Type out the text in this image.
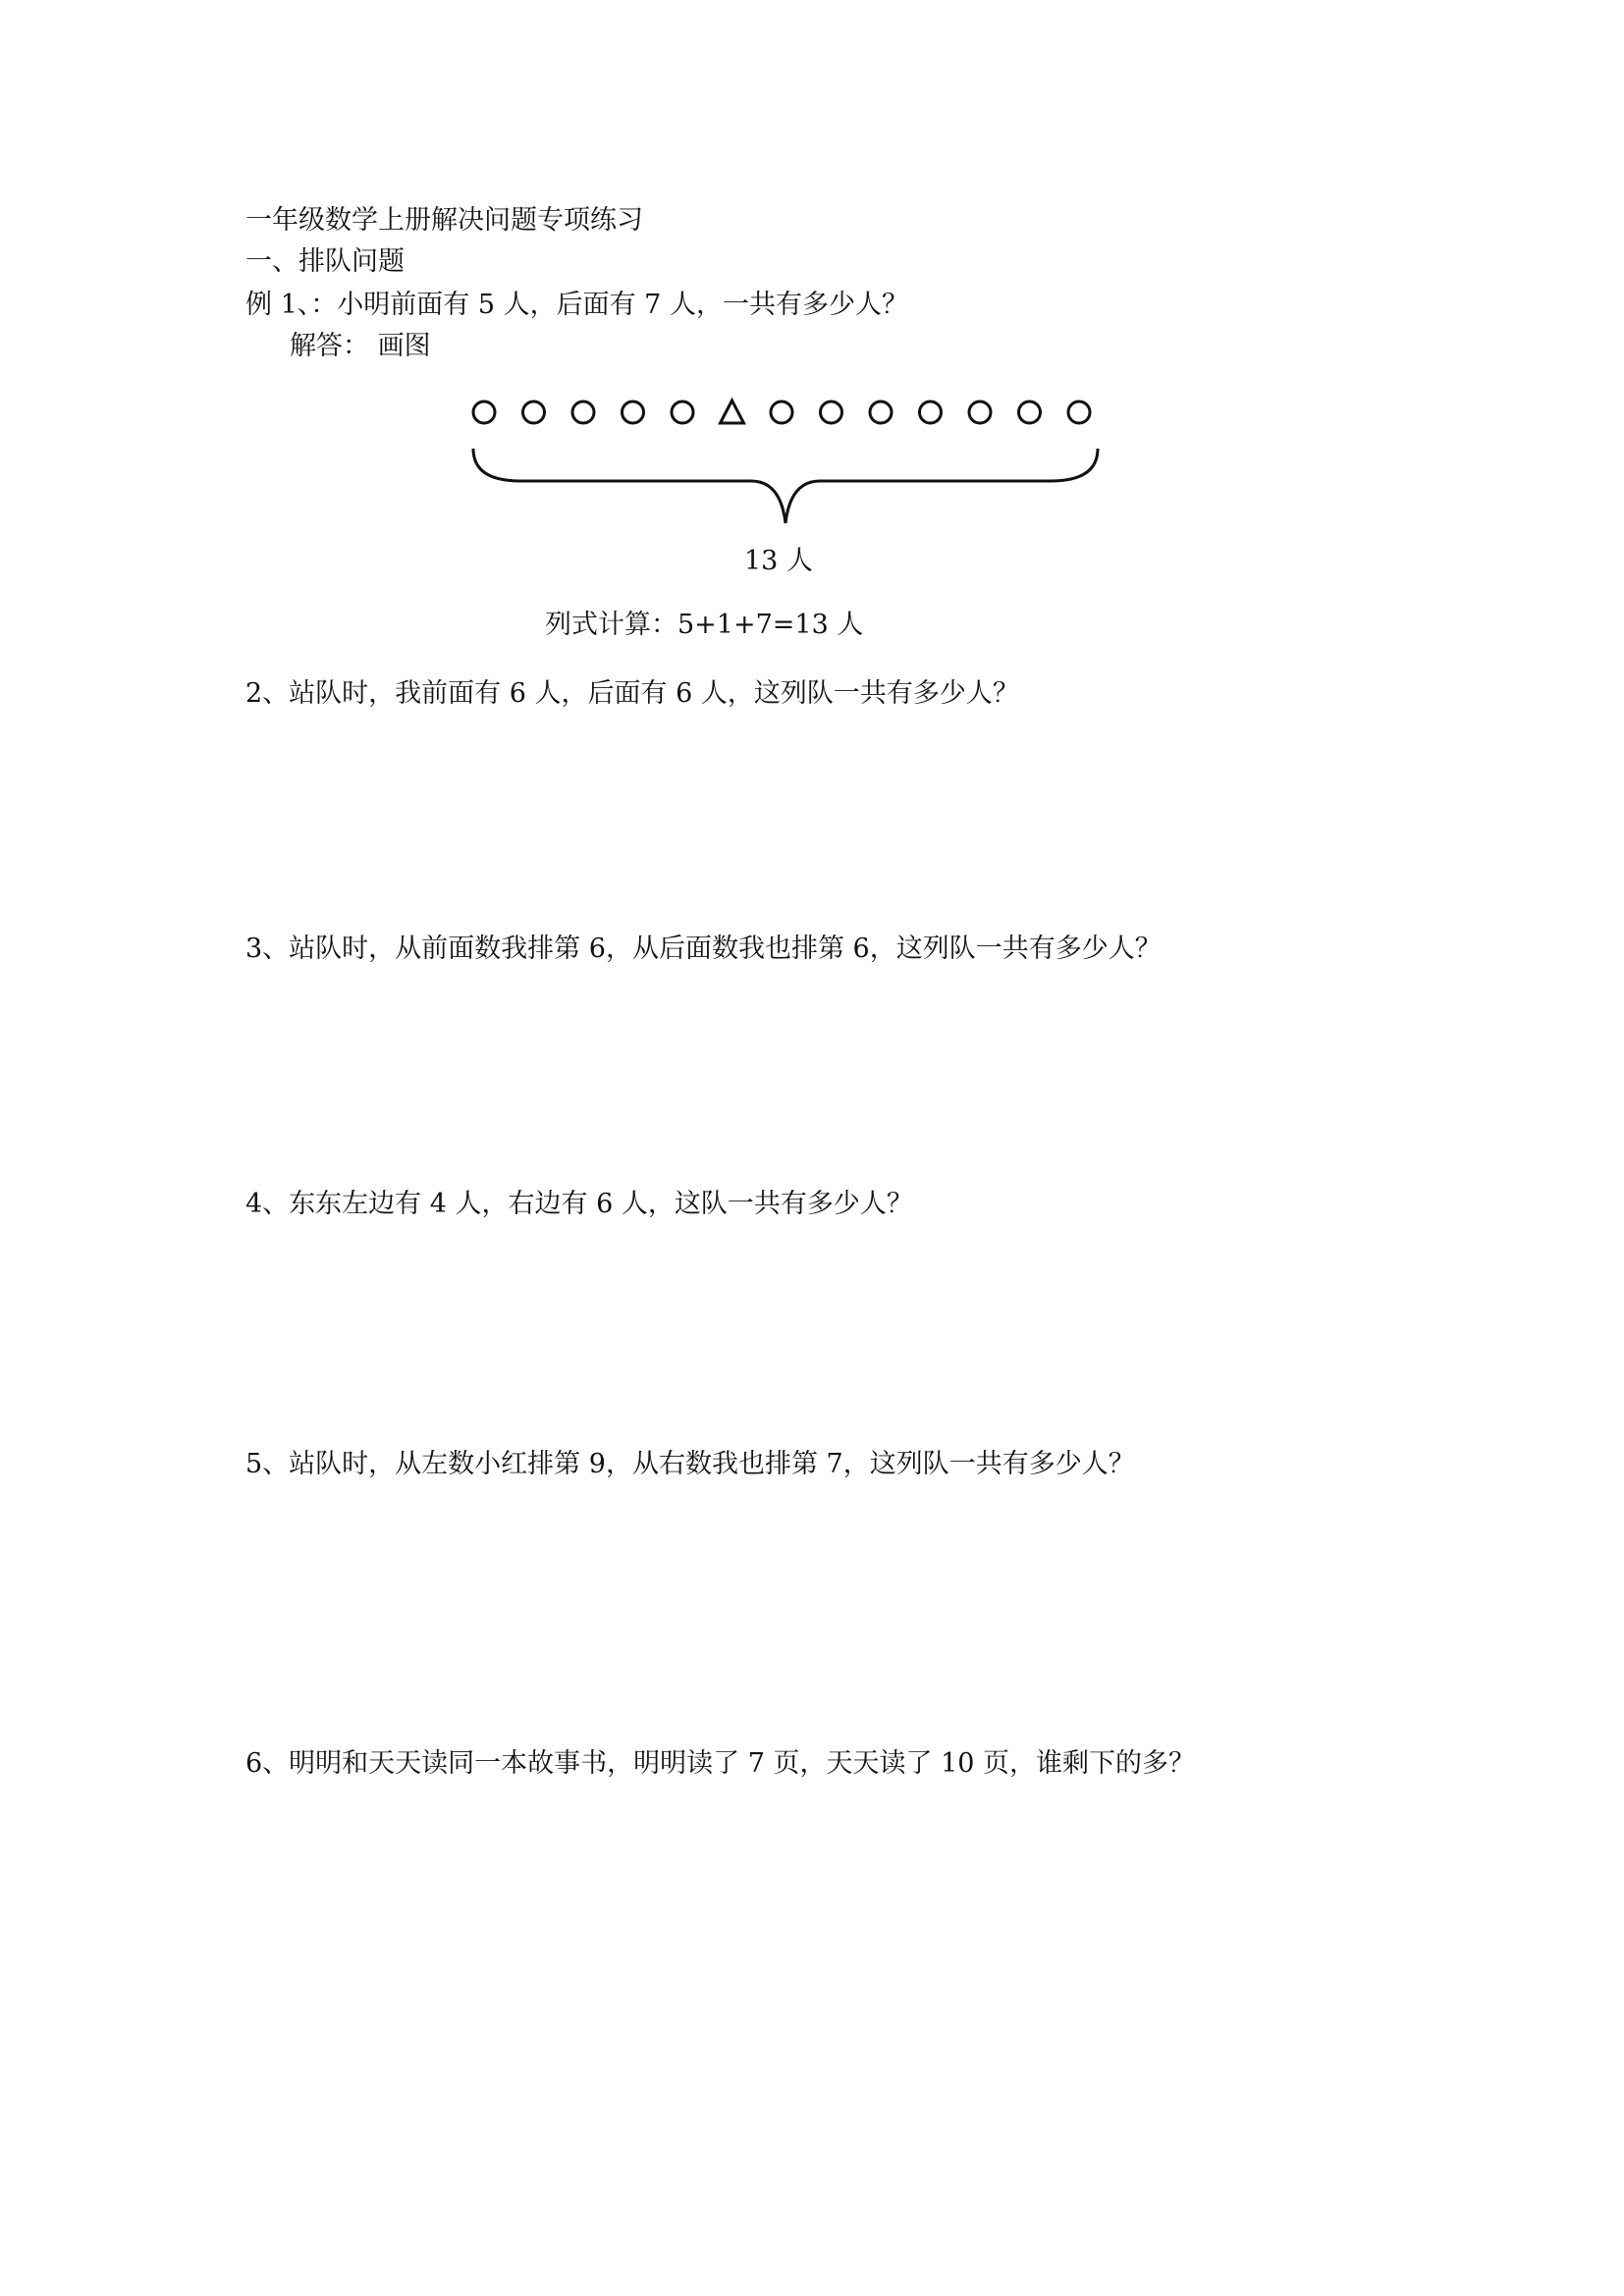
一年级数学上册解决问题专项练习
一、排队问题
例 1、：小明前面有 5 人，后面有 7 人，一共有多少人？
解答： 画图
13 人
列式计算：5+1+7=13 人
2、站队时，我前面有 6 人，后面有 6 人，这列队一共有多少人？
3、站队时，从前面数我排第 6，从后面数我也排第 6，这列队一共有多少人？
4、东东左边有 4 人，右边有 6 人，这队一共有多少人？
5、站队时，从左数小红排第 9，从右数我也排第 7，这列队一共有多少人？
6、明明和天天读同一本故事书，明明读了 7 页，天天读了 10 页，谁剩下的多？
